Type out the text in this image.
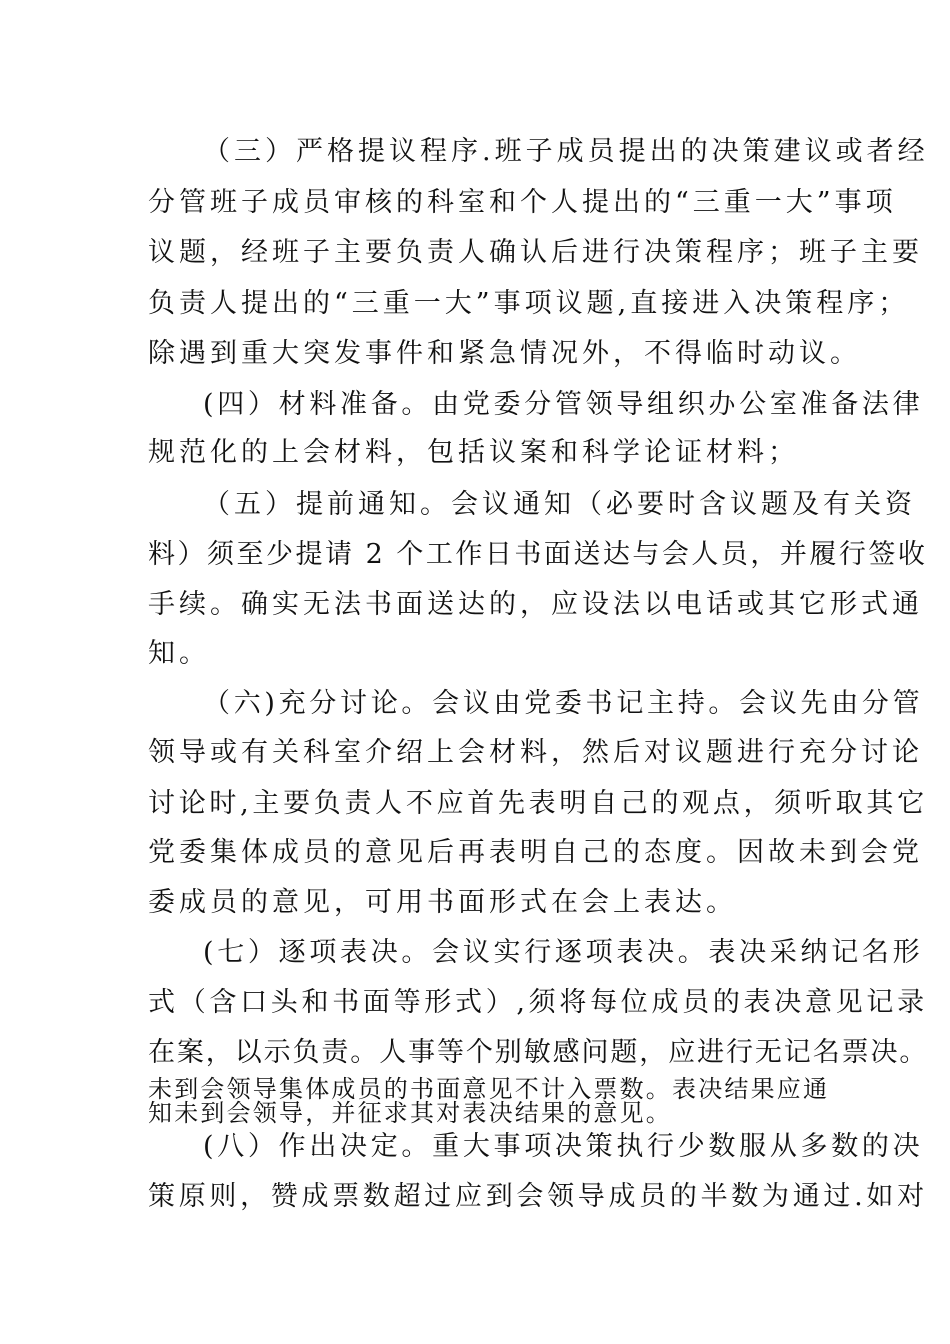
（三）严格提议程序.班子成员提出的决策建议或者经
分管班子成员审核的科室和个人提出的“三重一大”事项
议题，经班子主要负责人确认后进行决策程序；班子主要
负责人提出的“三重一大”事项议题,直接进入决策程序；
除遇到重大突发事件和紧急情况外，不得临时动议。
(四）材料准备。由党委分管领导组织办公室准备法律
规范化的上会材料，包括议案和科学论证材料；
（五）提前通知。会议通知（必要时含议题及有关资
料）须至少提请 2 个工作日书面送达与会人员，并履行签收
手续。确实无法书面送达的，应设法以电话或其它形式通
知。
（六)充分讨论。会议由党委书记主持。会议先由分管
领导或有关科室介绍上会材料，然后对议题进行充分讨论
讨论时,主要负责人不应首先表明自己的观点，须听取其它
党委集体成员的意见后再表明自己的态度。因故未到会党
委成员的意见，可用书面形式在会上表达。
(七）逐项表决。会议实行逐项表决。表决采纳记名形
式（含口头和书面等形式）,须将每位成员的表决意见记录
在案，以示负责。人事等个别敏感问题，应进行无记名票决。
未到会领导集体成员的书面意见不计入票数。表决结果应通
知未到会领导，并征求其对表决结果的意见。
(八）作出决定。重大事项决策执行少数服从多数的决
策原则，赞成票数超过应到会领导成员的半数为通过.如对
